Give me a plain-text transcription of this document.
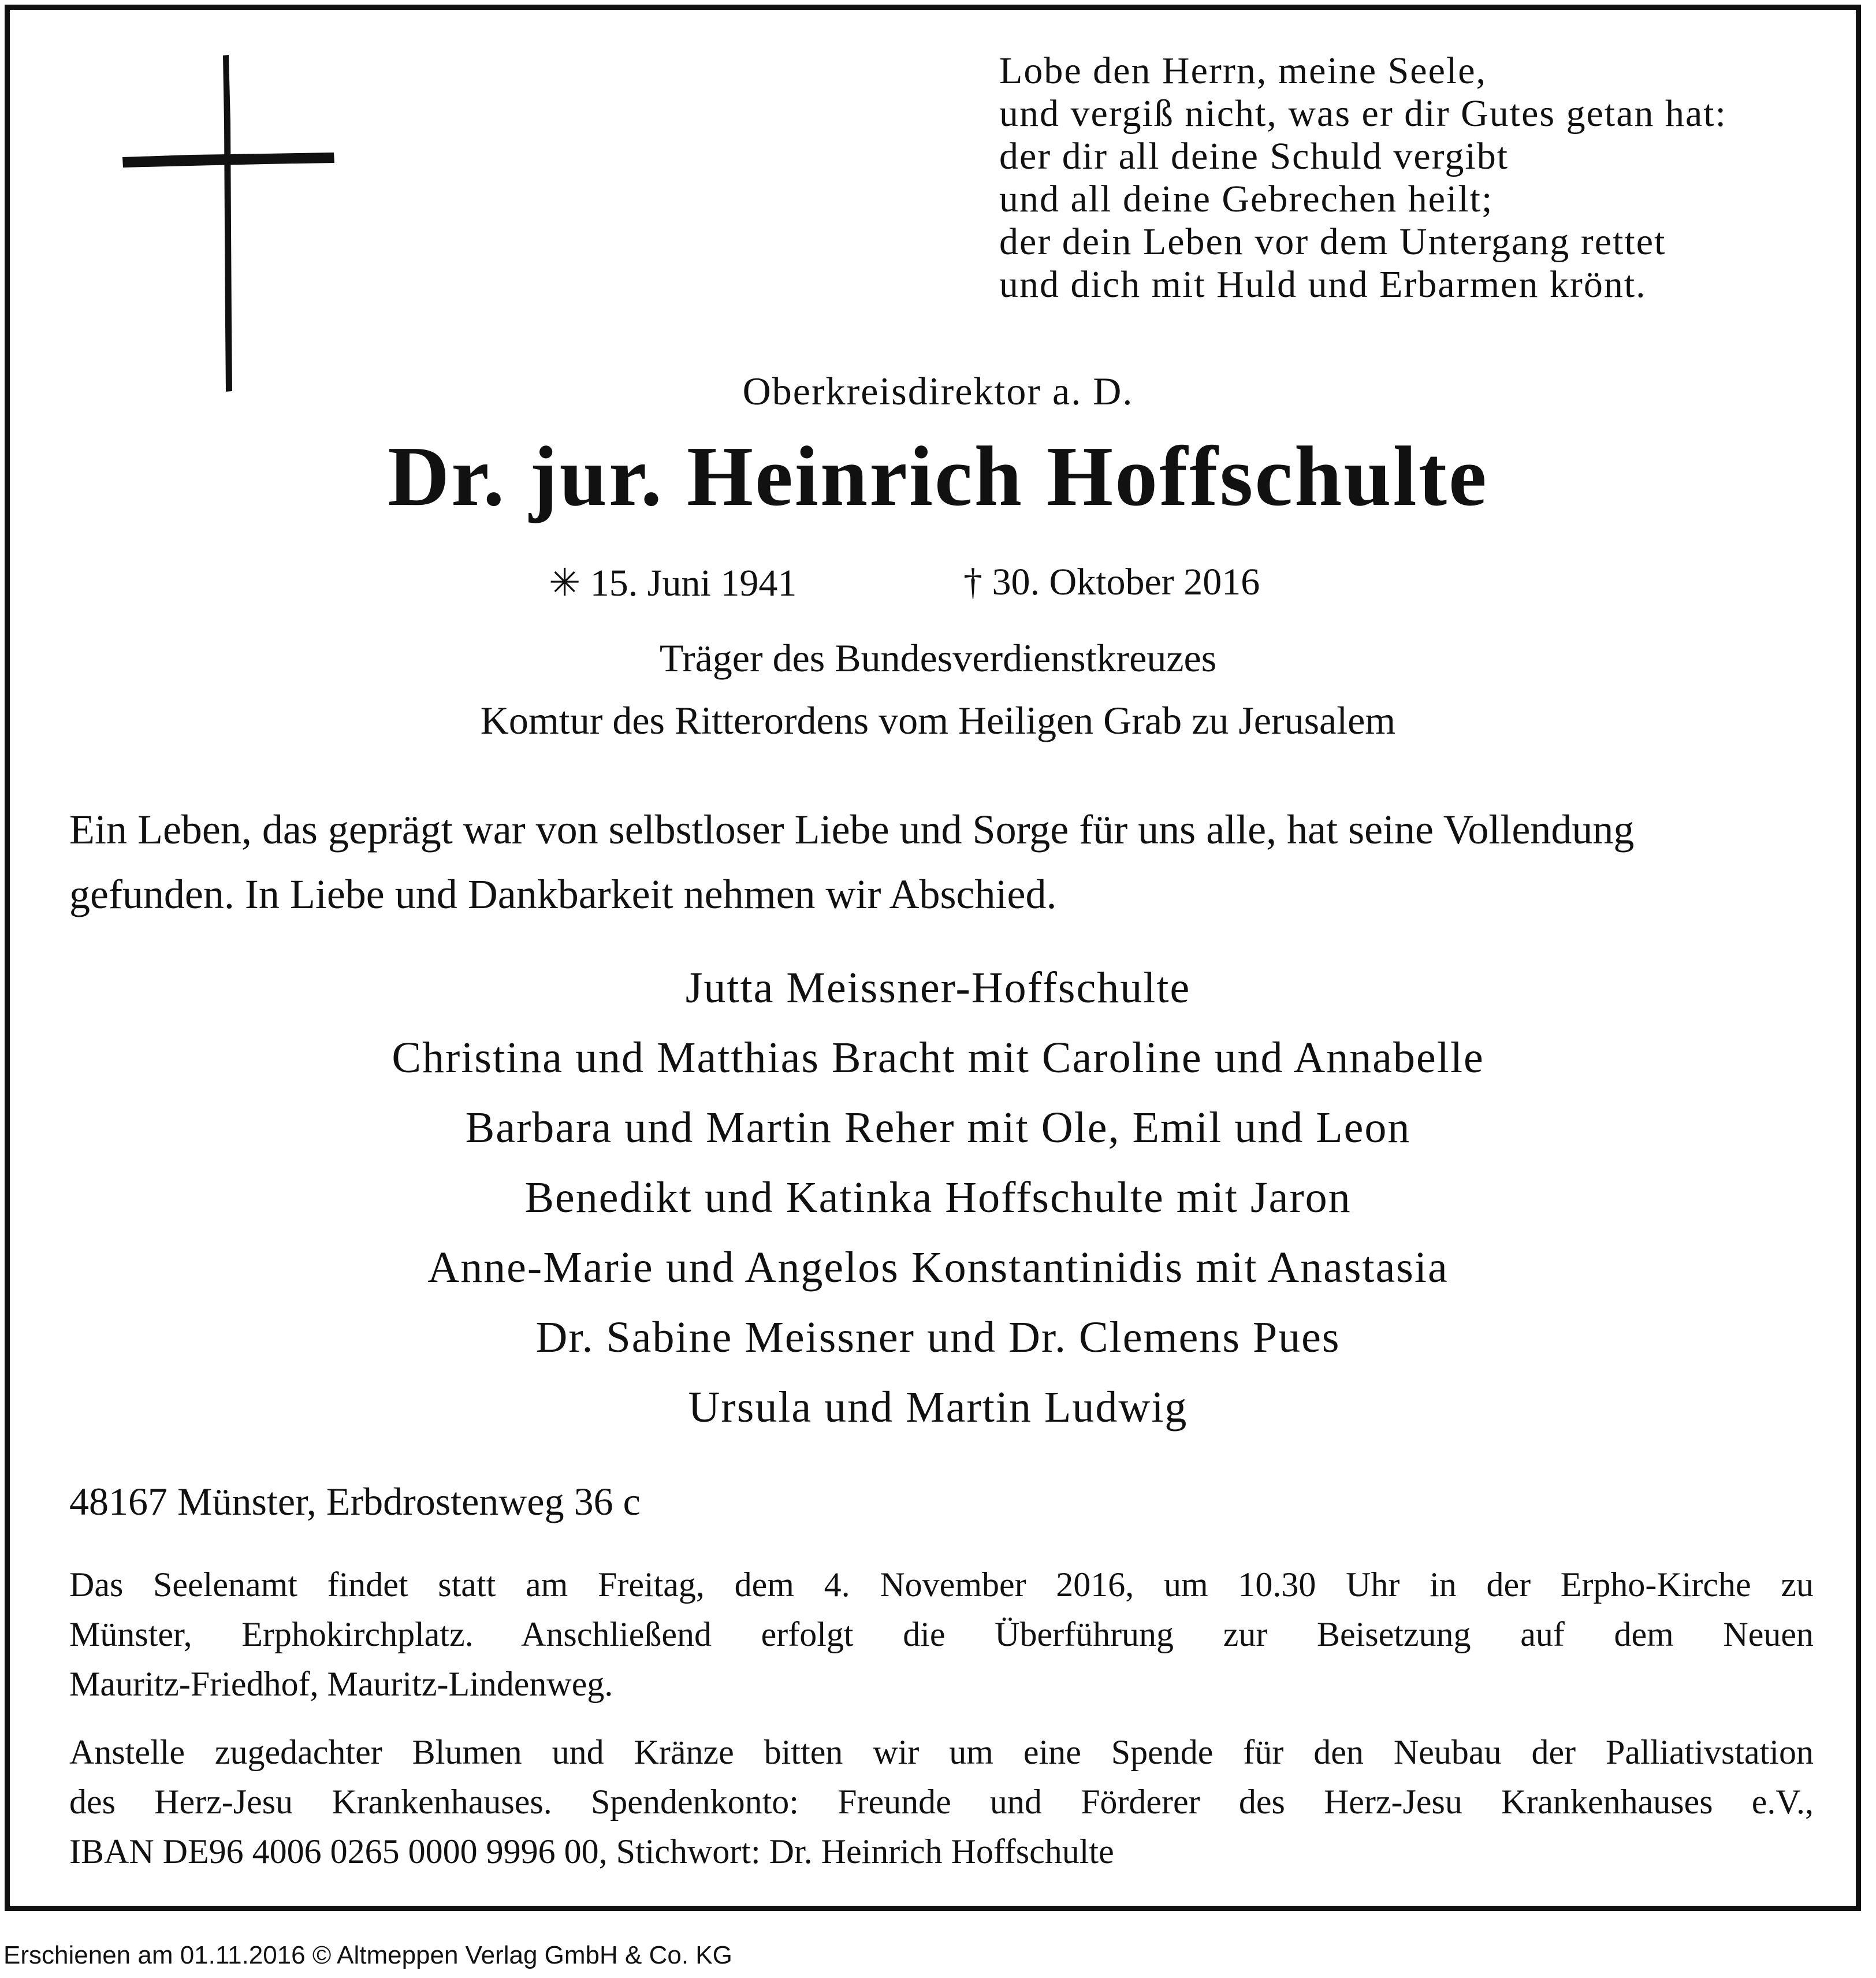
Lobe den Herrn, meine Seele,
und vergiß nicht, was er dir Gutes getan hat:
der dir all deine Schuld vergibt
und all deine Gebrechen heilt;
der dein Leben vor dem Untergang rettet
und dich mit Huld und Erbarmen krönt.
Oberkreisdirektor a. D.
Dr. jur. Heinrich Hoffschulte
✳ 15. Juni 1941	† 30. Oktober 2016
Träger des Bundesverdienstkreuzes
Komtur des Ritterordens vom Heiligen Grab zu Jerusalem
Ein Leben, das geprägt war von selbstloser Liebe und Sorge für uns alle, hat seine Vollendung
gefunden. In Liebe und Dankbarkeit nehmen wir Abschied.
Jutta Meissner-Hoffschulte
Christina und Matthias Bracht mit Caroline und Annabelle
Barbara und Martin Reher mit Ole, Emil und Leon
Benedikt und Katinka Hoffschulte mit Jaron
Anne-Marie und Angelos Konstantinidis mit Anastasia
Dr. Sabine Meissner und Dr. Clemens Pues
Ursula und Martin Ludwig
48167 Münster, Erbdrostenweg 36 c
Das Seelenamt findet statt am Freitag, dem 4. November 2016, um 10.30 Uhr in der Erpho-Kirche zu
Münster, Erphokirchplatz. Anschließend erfolgt die Überführung zur Beisetzung auf dem Neuen
Mauritz-Friedhof, Mauritz-Lindenweg.
Anstelle zugedachter Blumen und Kränze bitten wir um eine Spende für den Neubau der Palliativstation
des Herz-Jesu Krankenhauses. Spendenkonto: Freunde und Förderer des Herz-Jesu Krankenhauses e.V.,
IBAN DE96 4006 0265 0000 9996 00, Stichwort: Dr. Heinrich Hoffschulte
Erschienen am 01.11.2016 © Altmeppen Verlag GmbH & Co. KG
